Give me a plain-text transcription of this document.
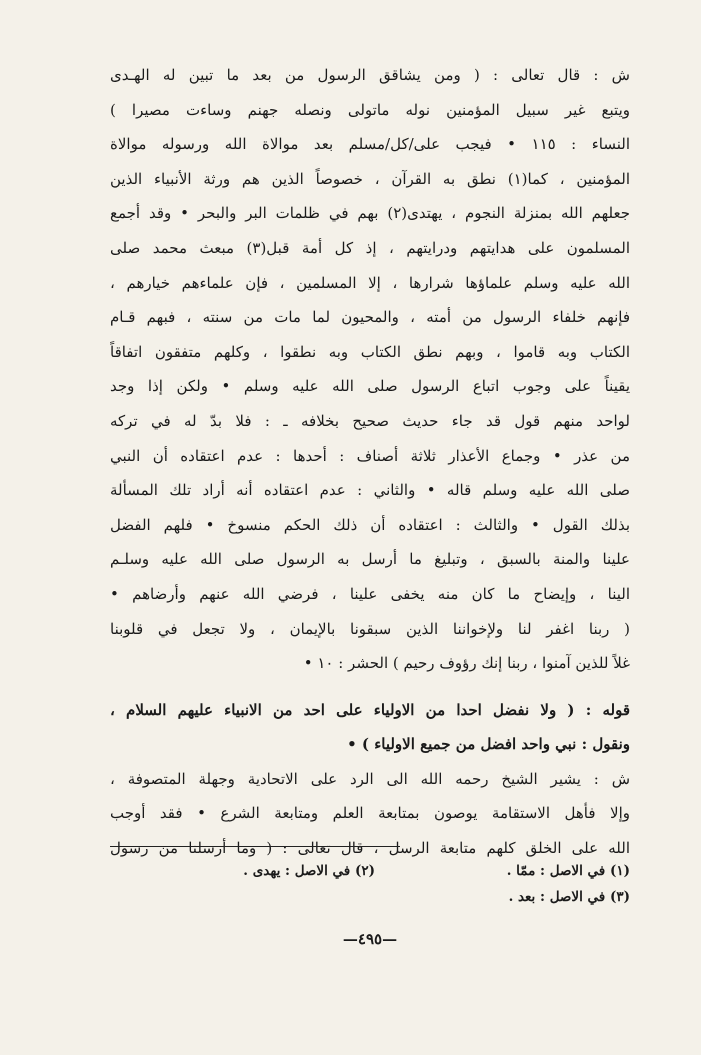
ش : قال تعالى : ( ومن يشاقق الرسول من بعد ما تبين له الهـدى

ويتبع غير سبيل المؤمنين نوله ماتولى ونصله جهنم وساءت مصيرا )

النساء : ١١٥ • فيجب على/كل/مسلم بعد موالاة الله ورسوله موالاة

المؤمنين ، كما(١) نطق به القرآن ، خصوصاً الذين هم ورثة الأنبياء الذين

جعلهم الله بمنزلة النجوم ، يهتدى(٢) بهم في ظلمات البر والبحر • وقد أجمع

المسلمون على هدايتهم ودرايتهم ، إذ كل أمة قبل(٣) مبعث محمد صلى

الله عليه وسلم علماؤها شرارها ، إلا المسلمين ، فإن علماءهم خيارهم ،

فإنهم خلفاء الرسول من أمته ، والمحيون لما مات من سنته ، فبهم قـام

الكتاب وبه قاموا ، وبهم نطق الكتاب وبه نطقوا ، وكلهم متفقون اتفاقاً

يقيناً على وجوب اتباع الرسول صلى الله عليه وسلم • ولكن إذا وجد

لواحد منهم قول قد جاء حديث صحيح بخلافه ـ : فلا بدّ له في تركه

من عذر • وجماع الأعذار ثلاثة أصناف : أحدها : عدم اعتقاده أن النبي

صلى الله عليه وسلم قاله • والثاني : عدم اعتقاده أنه أراد تلك المسألة

بذلك القول • والثالث : اعتقاده أن ذلك الحكم منسوخ • فلهم الفضل

علينا والمنة بالسبق ، وتبليغ ما أرسل به الرسول صلى الله عليه وسلـم

الينا ، وإيضاح ما كان منه يخفى علينا ، فرضي الله عنهم وأرضاهم •

( ربنا اغفر لنا ولإخواننا الذين سبقونا بالإيمان ، ولا تجعل في قلوبنا

غلاً للذين آمنوا ، ربنا إنك رؤوف رحيم ) الحشر : ١٠ •

قوله : ( ولا نفضل احدا من الاولياء على احد من الانبياء عليهم السلام ،

ونقول : نبي واحد افضل من جميع الاولياء ) •

ش : يشير الشيخ رحمه الله الى الرد على الاتحادية وجهلة المتصوفة ،

وإلا فأهل الاستقامة يوصون بمتابعة العلم ومتابعة الشرع • فقد أوجب

الله على الخلق كلهم متابعة الرسل ، قال تعالى : ( وما أرسلنا من رسول

(١) في الاصل : ممّا .
(٢) في الاصل : يهدى .
(٣) في الاصل : بعد .
—٤٩٥—
